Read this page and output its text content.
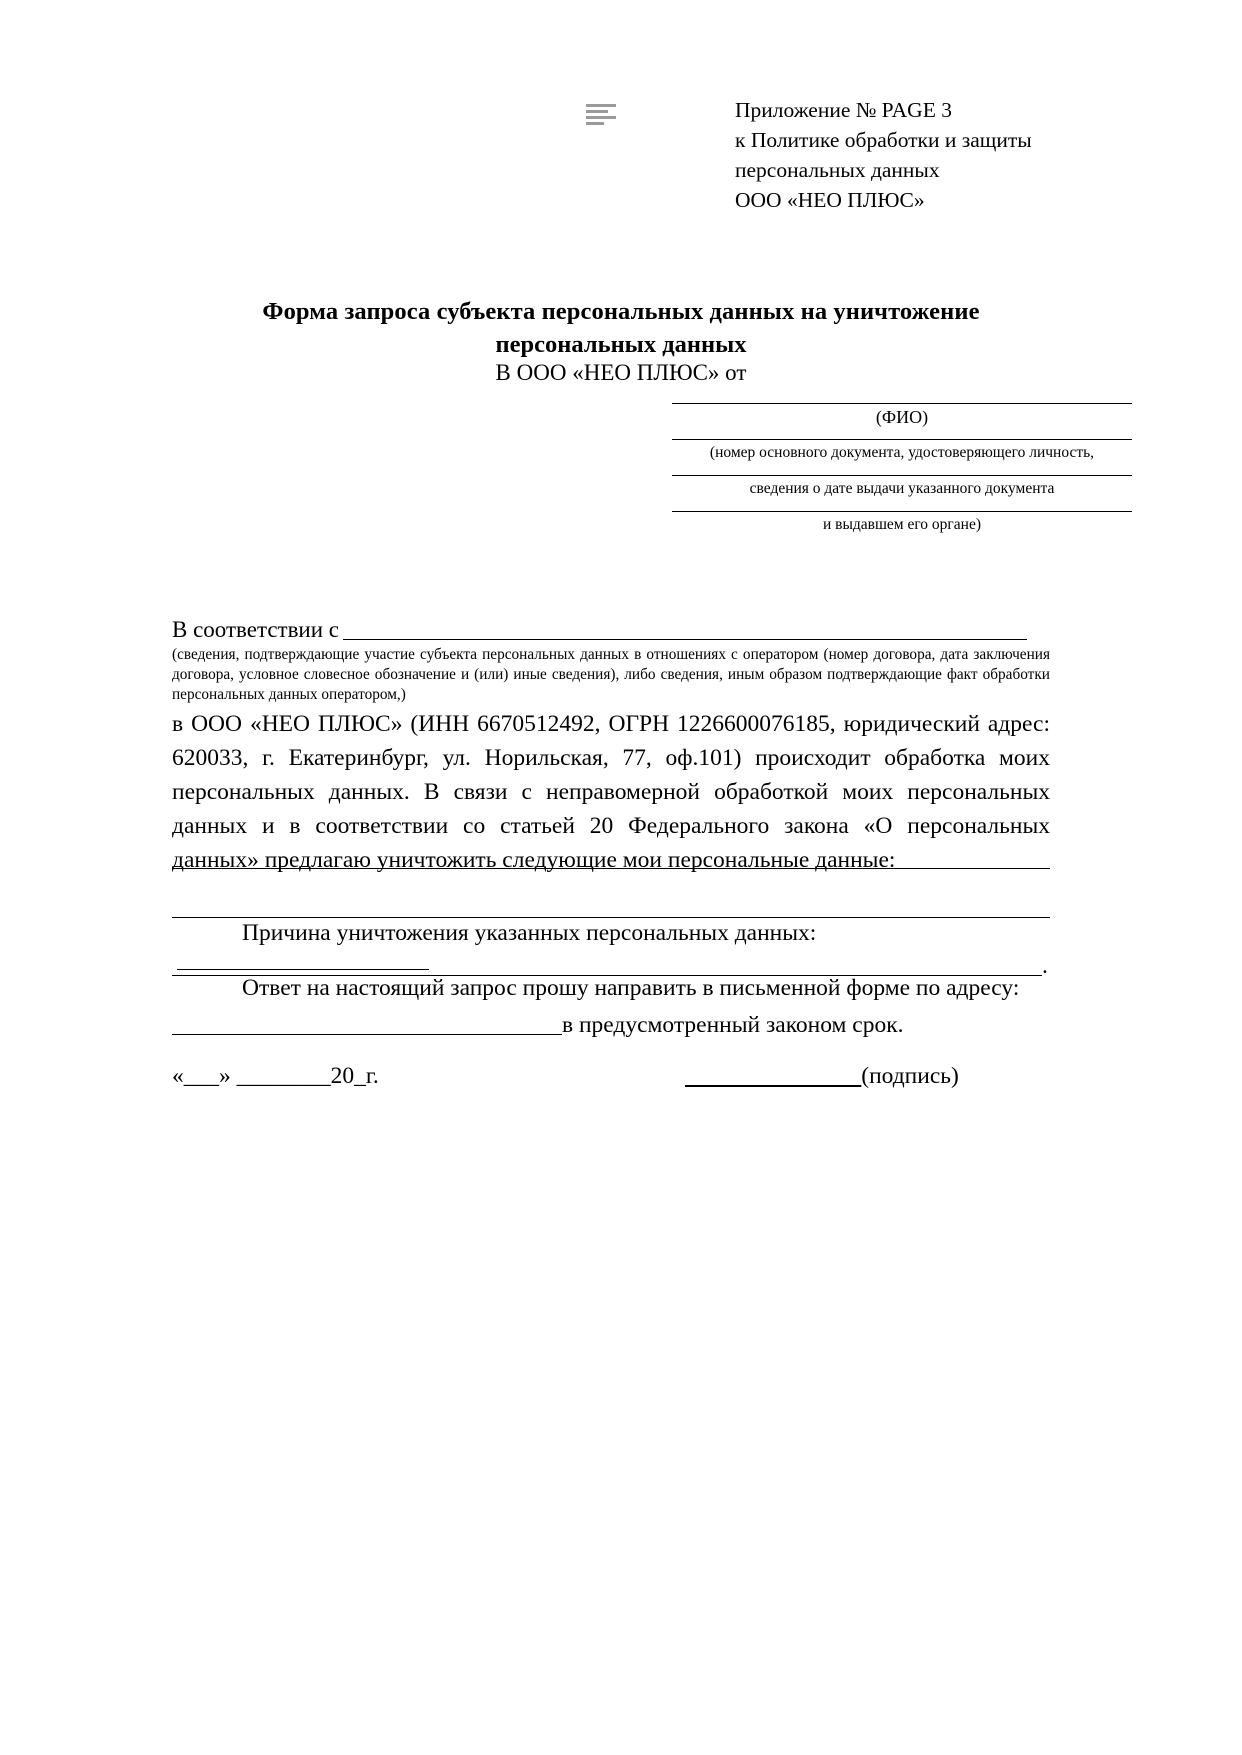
Приложение № PAGE 3
к Политике обработки и защиты
персональных данных
ООО «НЕО ПЛЮС»
Форма запроса субъекта персональных данных на уничтожение
персональных данных
В ООО «НЕО ПЛЮС» от
(ФИО)
(номер основного документа, удостоверяющего личность,
сведения о дате выдачи указанного документа
и выдавшем его органе)
В соответствии с
(сведения, подтверждающие участие субъекта персональных данных в отношениях с оператором (номер договора, дата заключения договора, условное словесное обозначение и (или) иные сведения), либо сведения, иным образом подтверждающие факт обработки персональных данных оператором,)
в ООО «НЕО ПЛЮС» (ИНН 6670512492, ОГРН 1226600076185, юридический адрес: 620033, г. Екатеринбург, ул. Норильская, 77, оф.101) происходит обработка моих персональных данных. В связи с неправомерной обработкой моих персональных данных и в соответствии со статьей 20 Федерального закона «О персональных данных» предлагаю уничтожить следующие мои персональные данные:
Причина уничтожения указанных персональных данных:
.
Ответ на настоящий запрос прошу направить в письменной форме по адресу:
в предусмотренный законом срок.
«___» ________20_г.	(подпись)
